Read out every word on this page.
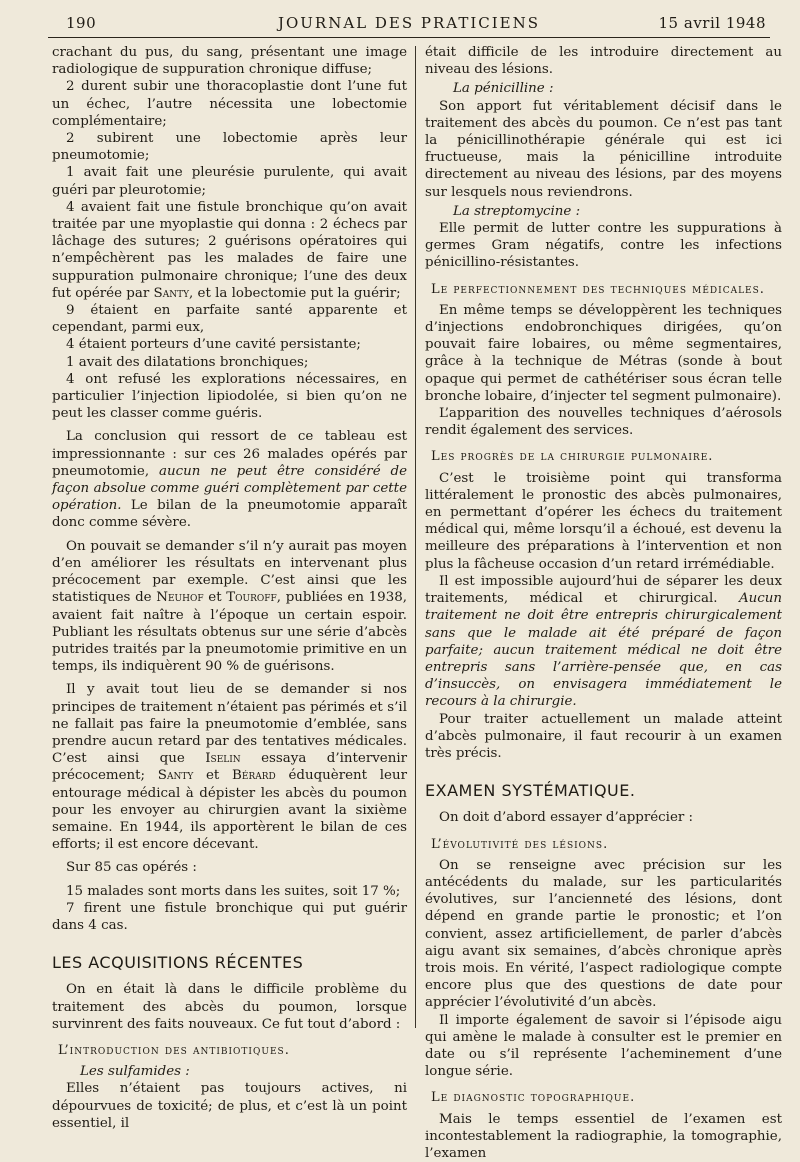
190	JOURNAL DES PRATICIENS	15 avril 1948

crachant du pus, du sang, présentant une image radiologique de suppuration chronique diffuse;

2 durent subir une thoracoplastie dont l’une fut un échec, l’autre nécessita une lobectomie complémentaire;

2 subirent une lobectomie après leur pneumotomie;

1 avait fait une pleurésie purulente, qui avait guéri par pleurotomie;

4 avaient fait une fistule bronchique qu’on avait traitée par une myoplastie qui donna : 2 échecs par lâchage des sutures; 2 guérisons opératoires qui n’empêchèrent pas les malades de faire une suppuration pulmonaire chronique; l’une des deux fut opérée par Santy, et la lobectomie put la guérir;

9 étaient en parfaite santé apparente et cependant, parmi eux,

4 étaient porteurs d’une cavité persistante;

1 avait des dilatations bronchiques;

4 ont refusé les explorations nécessaires, en particulier l’injection lipiodolée, si bien qu’on ne peut les classer comme guéris.

La conclusion qui ressort de ce tableau est impressionnante : sur ces 26 malades opérés par pneumotomie, aucun ne peut être considéré de façon absolue comme guéri complètement par cette opération. Le bilan de la pneumotomie apparaît donc comme sévère.

On pouvait se demander s’il n’y aurait pas moyen d’en améliorer les résultats en intervenant plus précocement par exemple. C’est ainsi que les statistiques de Neuhof et Touroff, publiées en 1938, avaient fait naître à l’époque un certain espoir. Publiant les résultats obtenus sur une série d’abcès putrides traités par la pneumotomie primitive en un temps, ils indiquèrent 90 % de guérisons.

Il y avait tout lieu de se demander si nos principes de traitement n’étaient pas périmés et s’il ne fallait pas faire la pneumotomie d’emblée, sans prendre aucun retard par des tentatives médicales. C’est ainsi que Iselin essaya d’intervenir précocement; Santy et Bérard éduquèrent leur entourage médical à dépister les abcès du poumon pour les envoyer au chirurgien avant la sixième semaine. En 1944, ils apportèrent le bilan de ces efforts; il est encore décevant.

Sur 85 cas opérés :

15 malades sont morts dans les suites, soit 17 %;

7 firent une fistule bronchique qui put guérir dans 4 cas.

LES ACQUISITIONS RÉCENTES

On en était là dans le difficile problème du traitement des abcès du poumon, lorsque survinrent des faits nouveaux. Ce fut tout d’abord :

L’introduction des antibiotiques.

Les sulfamides :

Elles n’étaient pas toujours actives, ni dépourvues de toxicité; de plus, et c’est là un point essentiel, il

était difficile de les introduire directement au niveau des lésions.

La pénicilline :

Son apport fut véritablement décisif dans le traitement des abcès du poumon. Ce n’est pas tant la pénicillinothérapie générale qui est ici fructueuse, mais la pénicilline introduite directement au niveau des lésions, par des moyens sur lesquels nous reviendrons.

La streptomycine :

Elle permit de lutter contre les suppurations à germes Gram négatifs, contre les infections pénicillino-résistantes.

Le perfectionnement des techniques médicales.

En même temps se développèrent les techniques d’injections endobronchiques dirigées, qu’on pouvait faire lobaires, ou même segmentaires, grâce à la technique de Métras (sonde à bout opaque qui permet de cathétériser sous écran telle bronche lobaire, d’injecter tel segment pulmonaire).

L’apparition des nouvelles techniques d’aérosols rendit également des services.

Les progrès de la chirurgie pulmonaire.

C’est le troisième point qui transforma littéralement le pronostic des abcès pulmonaires, en permettant d’opérer les échecs du traitement médical qui, même lorsqu’il a échoué, est devenu la meilleure des préparations à l’intervention et non plus la fâcheuse occasion d’un retard irrémédiable.

Il est impossible aujourd’hui de séparer les deux traitements, médical et chirurgical. Aucun traitement ne doit être entrepris chirurgicalement sans que le malade ait été préparé de façon parfaite; aucun traitement médical ne doit être entrepris sans l’arrière-pensée que, en cas d’insuccès, on envisagera immédiatement le recours à la chirurgie.

Pour traiter actuellement un malade atteint d’abcès pulmonaire, il faut recourir à un examen très précis.

EXAMEN SYSTÉMATIQUE.

On doit d’abord essayer d’apprécier :

L’évolutivité des lésions.

On se renseigne avec précision sur les antécédents du malade, sur les particularités évolutives, sur l’ancienneté des lésions, dont dépend en grande partie le pronostic; et l’on convient, assez artificiellement, de parler d’abcès aigu avant six semaines, d’abcès chronique après trois mois. En vérité, l’aspect radiologique compte encore plus que des questions de date pour apprécier l’évolutivité d’un abcès.

Il importe également de savoir si l’épisode aigu qui amène le malade à consulter est le premier en date ou s’il représente l’acheminement d’une longue série.

Le diagnostic topographique.

Mais le temps essentiel de l’examen est incontestablement la radiographie, la tomographie, l’examen
